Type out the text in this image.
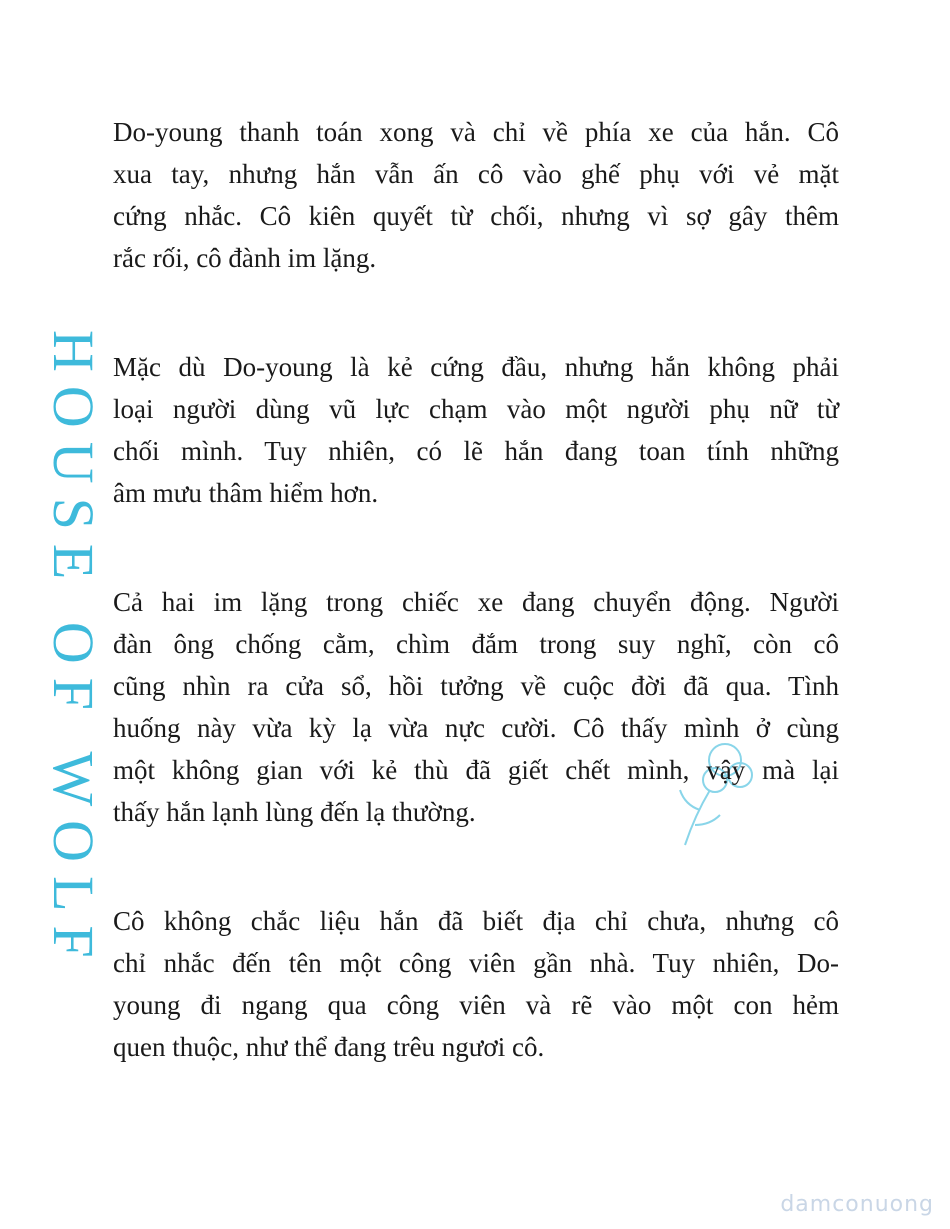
HOUSE OF WOLF
Do-young thanh toán xong và chỉ về phía xe của hắn. Cô
xua tay, nhưng hắn vẫn ấn cô vào ghế phụ với vẻ mặt
cứng nhắc. Cô kiên quyết từ chối, nhưng vì sợ gây thêm
rắc rối, cô đành im lặng.
Mặc dù Do-young là kẻ cứng đầu, nhưng hắn không phải
loại người dùng vũ lực chạm vào một người phụ nữ từ
chối mình. Tuy nhiên, có lẽ hắn đang toan tính những
âm mưu thâm hiểm hơn.
Cả hai im lặng trong chiếc xe đang chuyển động. Người
đàn ông chống cằm, chìm đắm trong suy nghĩ, còn cô
cũng nhìn ra cửa sổ, hồi tưởng về cuộc đời đã qua. Tình
huống này vừa kỳ lạ vừa nực cười. Cô thấy mình ở cùng
một không gian với kẻ thù đã giết chết mình, vậy mà lại
thấy hắn lạnh lùng đến lạ thường.
Cô không chắc liệu hắn đã biết địa chỉ chưa, nhưng cô
chỉ nhắc đến tên một công viên gần nhà. Tuy nhiên, Do-
young đi ngang qua công viên và rẽ vào một con hẻm
quen thuộc, như thể đang trêu ngươi cô.
damconuong
